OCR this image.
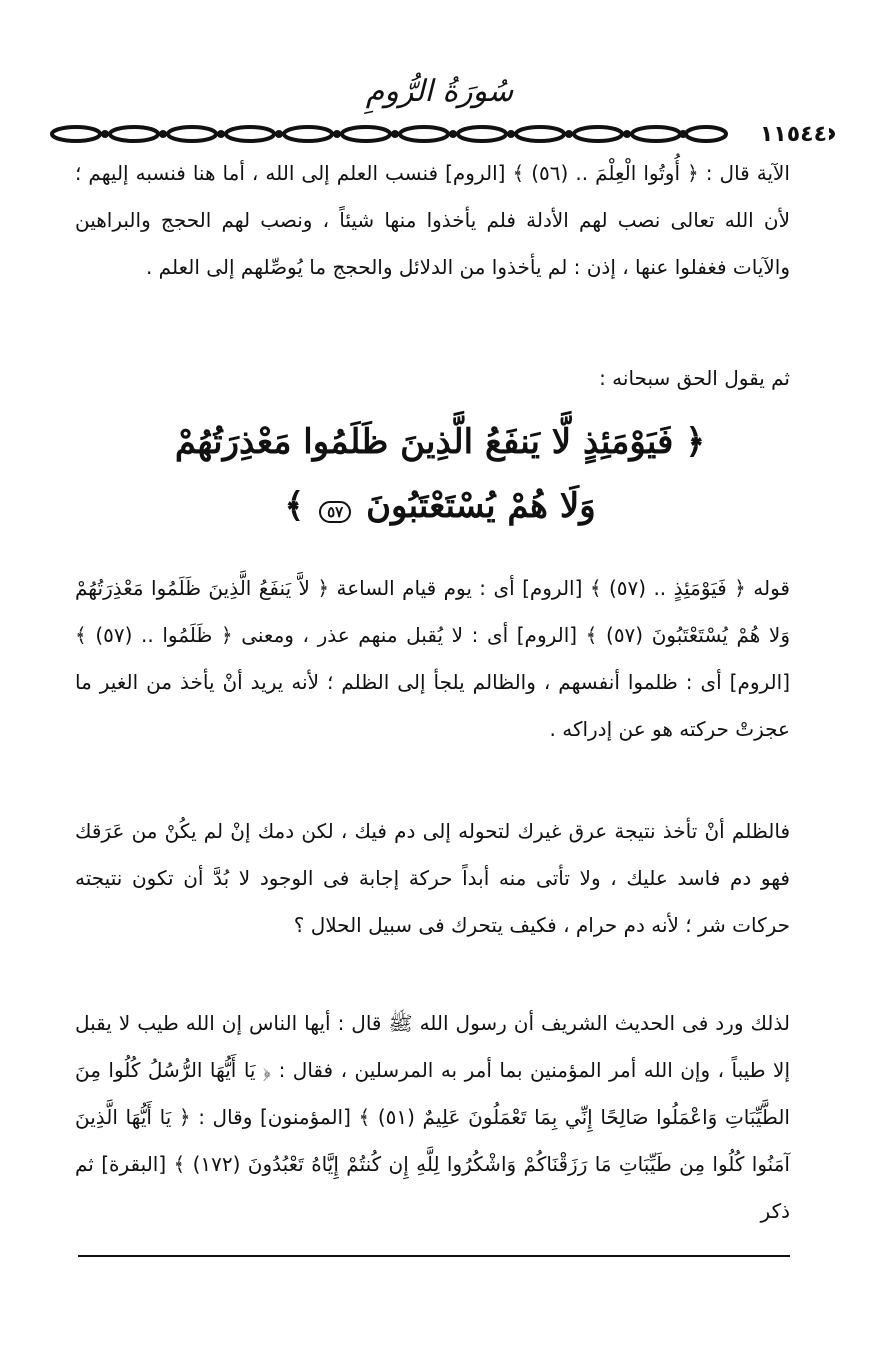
سُورَةُ الرُّومِ
١١٥٤٤

الآية قال : ﴿ أُوتُوا الْعِلْمَ .. (٥٦) ﴾ [الروم] فنسب العلم إلى الله ، أما هنا فنسبه إليهم ؛ لأن الله تعالى نصب لهم الأدلة فلم يأخذوا منها شيئاً ، ونصب لهم الحجج والبراهين والآيات فغفلوا عنها ، إذن : لم يأخذوا من الدلائل والحجج ما يُوصِّلهم إلى العلم .

ثم يقول الحق سبحانه :

﴿ فَيَوْمَئِذٍ لَّا يَنفَعُ الَّذِينَ ظَلَمُوا مَعْذِرَتُهُمْ
وَلَا هُمْ يُسْتَعْتَبُونَ ٥٧ ﴾

قوله ﴿ فَيَوْمَئِذٍ .. (٥٧) ﴾ [الروم] أى : يوم قيام الساعة ﴿ لاَّ يَنفَعُ الَّذِينَ ظَلَمُوا مَعْذِرَتُهُمْ وَلا هُمْ يُسْتَعْتَبُونَ (٥٧) ﴾ [الروم] أى : لا يُقبل منهم عذر ، ومعنى ﴿ ظَلَمُوا .. (٥٧) ﴾ [الروم] أى : ظلموا أنفسهم ، والظالم يلجأ إلى الظلم ؛ لأنه يريد أنْ يأخذ من الغير ما عجزتْ حركته هو عن إدراكه .

فالظلم أنْ تأخذ نتيجة عرق غيرك لتحوله إلى دم فيك ، لكن دمك إنْ لم يكُنْ من عَرَقك فهو دم فاسد عليك ، ولا تأتى منه أبداً حركة إجابة فى الوجود لا بُدَّ أن تكون نتيجته حركات شر ؛ لأنه دم حرام ، فكيف يتحرك فى سبيل الحلال ؟

لذلك ورد فى الحديث الشريف أن رسول الله ﷺ قال : أيها الناس إن الله طيب لا يقبل إلا طيباً ، وإن الله أمر المؤمنين بما أمر به المرسلين ، فقال : ﴿ يَا أَيُّهَا الرُّسُلُ كُلُوا مِنَ الطَّيِّبَاتِ وَاعْمَلُوا صَالِحًا إِنِّي بِمَا تَعْمَلُونَ عَلِيمٌ (٥١) ﴾ [المؤمنون] وقال : ﴿ يَا أَيُّهَا الَّذِينَ آمَنُوا كُلُوا مِن طَيِّبَاتِ مَا رَزَقْنَاكُمْ وَاشْكُرُوا لِلَّهِ إِن كُنتُمْ إِيَّاهُ تَعْبُدُونَ (١٧٢) ﴾ [البقرة] ثم ذكر
